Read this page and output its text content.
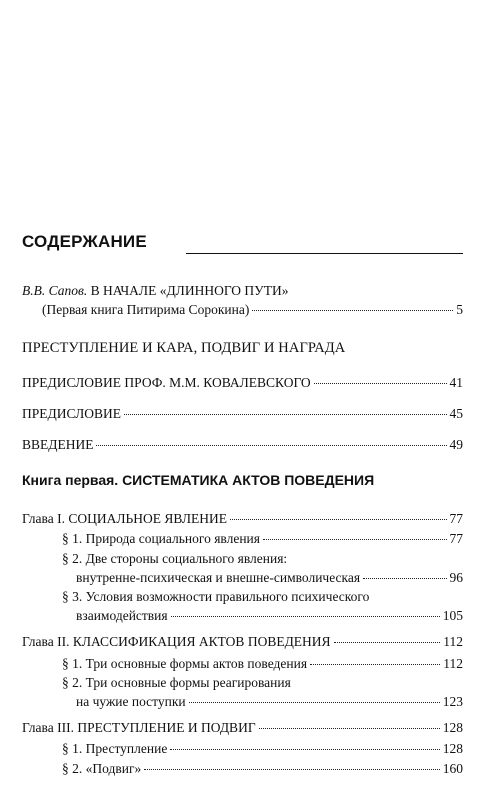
СОДЕРЖАНИЕ
В.В. Сапов. В НАЧАЛЕ «ДЛИННОГО ПУТИ»
(Первая книга Питирима Сорокина)	5
ПРЕСТУПЛЕНИЕ И КАРА, ПОДВИГ И НАГРАДА
ПРЕДИСЛОВИЕ ПРОФ. М.М. КОВАЛЕВСКОГО	41
ПРЕДИСЛОВИЕ	45
ВВЕДЕНИЕ	49
Книга первая. СИСТЕМАТИКА АКТОВ ПОВЕДЕНИЯ
Глава I. СОЦИАЛЬНОЕ ЯВЛЕНИЕ	77
§ 1. Природа социального явления	77
§ 2. Две стороны социального явления:
внутренне-психическая и внешне-символическая	96
§ 3. Условия возможности правильного психического
взаимодействия	105
Глава II. КЛАССИФИКАЦИЯ АКТОВ ПОВЕДЕНИЯ	112
§ 1. Три основные формы актов поведения	112
§ 2. Три основные формы реагирования
на чужие поступки	123
Глава III. ПРЕСТУПЛЕНИЕ И ПОДВИГ	128
§ 1. Преступление	128
§ 2. «Подвиг»	160
